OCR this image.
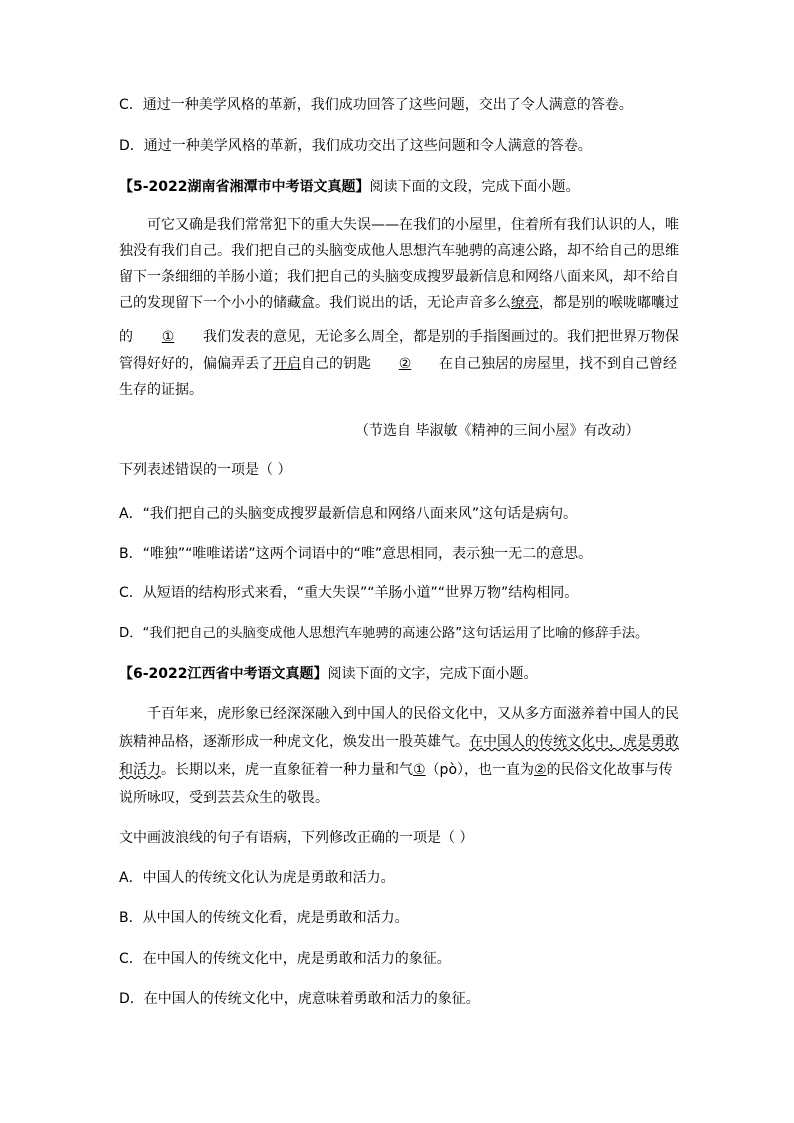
C．通过一种美学风格的革新，我们成功回答了这些问题，交出了令人满意的答卷。
D．通过一种美学风格的革新，我们成功交出了这些问题和令人满意的答卷。
【5-2022湖南省湘潭市中考语文真题】阅读下面的文段，完成下面小题。
可它又确是我们常常犯下的重大失误——在我们的小屋里，住着所有我们认识的人，唯
独没有我们自己。我们把自己的头脑变成他人思想汽车驰骋的高速公路，却不给自己的思维
留下一条细细的羊肠小道；我们把自己的头脑变成搜罗最新信息和网络八面来风，却不给自
己的发现留下一个小小的储藏盒。我们说出的话，无论声音多么缭亮，都是别的喉咙嘟囔过
的 ① 我们发表的意见，无论多么周全，都是别的手指图画过的。我们把世界万物保
管得好好的，偏偏弄丢了开启自己的钥匙 ② 在自己独居的房屋里，找不到自己曾经
生存的证据。
（节选自 毕淑敏《精神的三间小屋》有改动）
下列表述错误的一项是（ ）
A．“我们把自己的头脑变成搜罗最新信息和网络八面来风”这句话是病句。
B．“唯独”“唯唯诺诺”这两个词语中的“唯”意思相同，表示独一无二的意思。
C．从短语的结构形式来看，“重大失误”“羊肠小道”“世界万物”结构相同。
D．“我们把自己的头脑变成他人思想汽车驰骋的高速公路”这句话运用了比喻的修辞手法。
【6-2022江西省中考语文真题】阅读下面的文字，完成下面小题。
千百年来，虎形象已经深深融入到中国人的民俗文化中，又从多方面滋养着中国人的民
族精神品格，逐渐形成一种虎文化，焕发出一股英雄气。在中国人的传统文化中，虎是勇敢
和活力。长期以来，虎一直象征着一种力量和气①（pò），也一直为②的民俗文化故事与传
说所咏叹，受到芸芸众生的敬畏。
文中画波浪线的句子有语病，下列修改正确的一项是（ ）
A．中国人的传统文化认为虎是勇敢和活力。
B．从中国人的传统文化看，虎是勇敢和活力。
C．在中国人的传统文化中，虎是勇敢和活力的象征。
D．在中国人的传统文化中，虎意味着勇敢和活力的象征。
